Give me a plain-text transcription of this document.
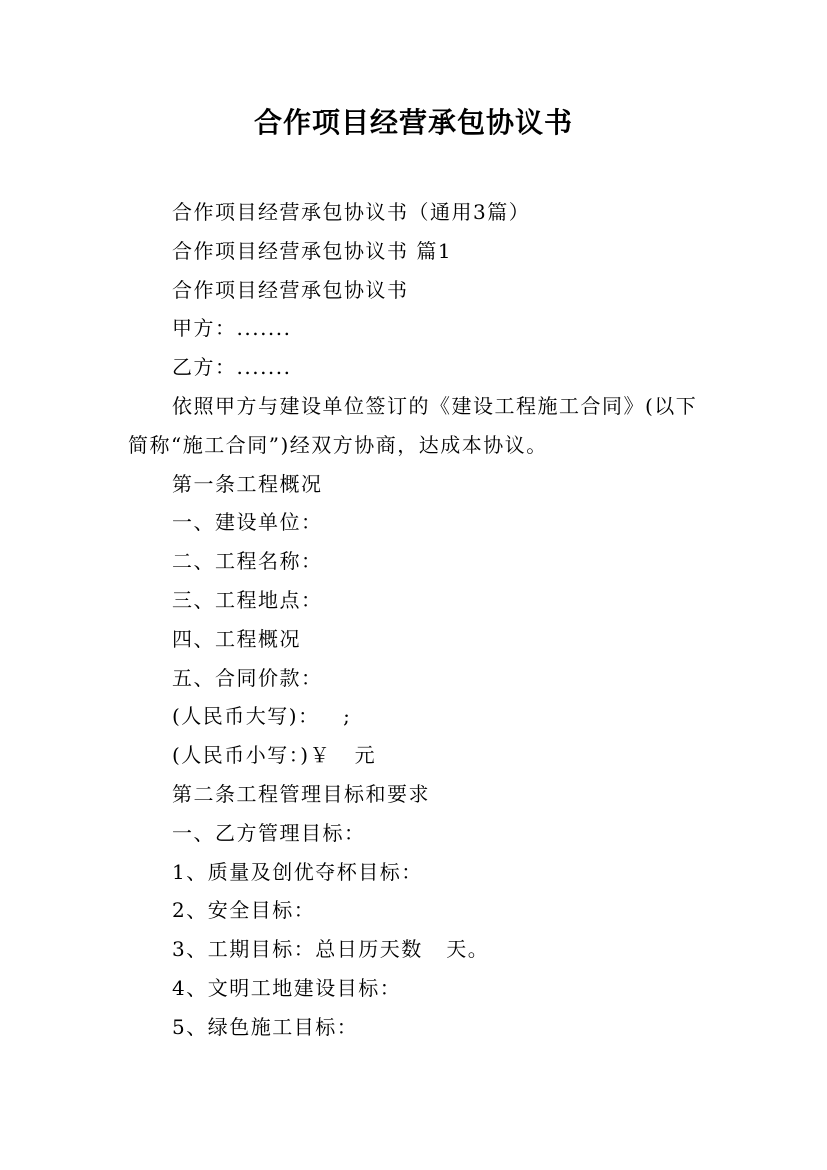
合作项目经营承包协议书

合作项目经营承包协议书（通用3篇）

合作项目经营承包协议书 篇1

合作项目经营承包协议书

甲方：.......

乙方：.......

依照甲方与建设单位签订的《建设工程施工合同》(以下简称“施工合同”)经双方协商，达成本协议。

第一条工程概况

一、建设单位：

二、工程名称：

三、工程地点：

四、工程概况

五、合同价款：

(人民币大写)：   ;

(人民币小写：)￥   元

第二条工程管理目标和要求

一、乙方管理目标：

1、质量及创优夺杯目标：

2、安全目标：

3、工期目标：总日历天数   天。

4、文明工地建设目标：

5、绿色施工目标：
